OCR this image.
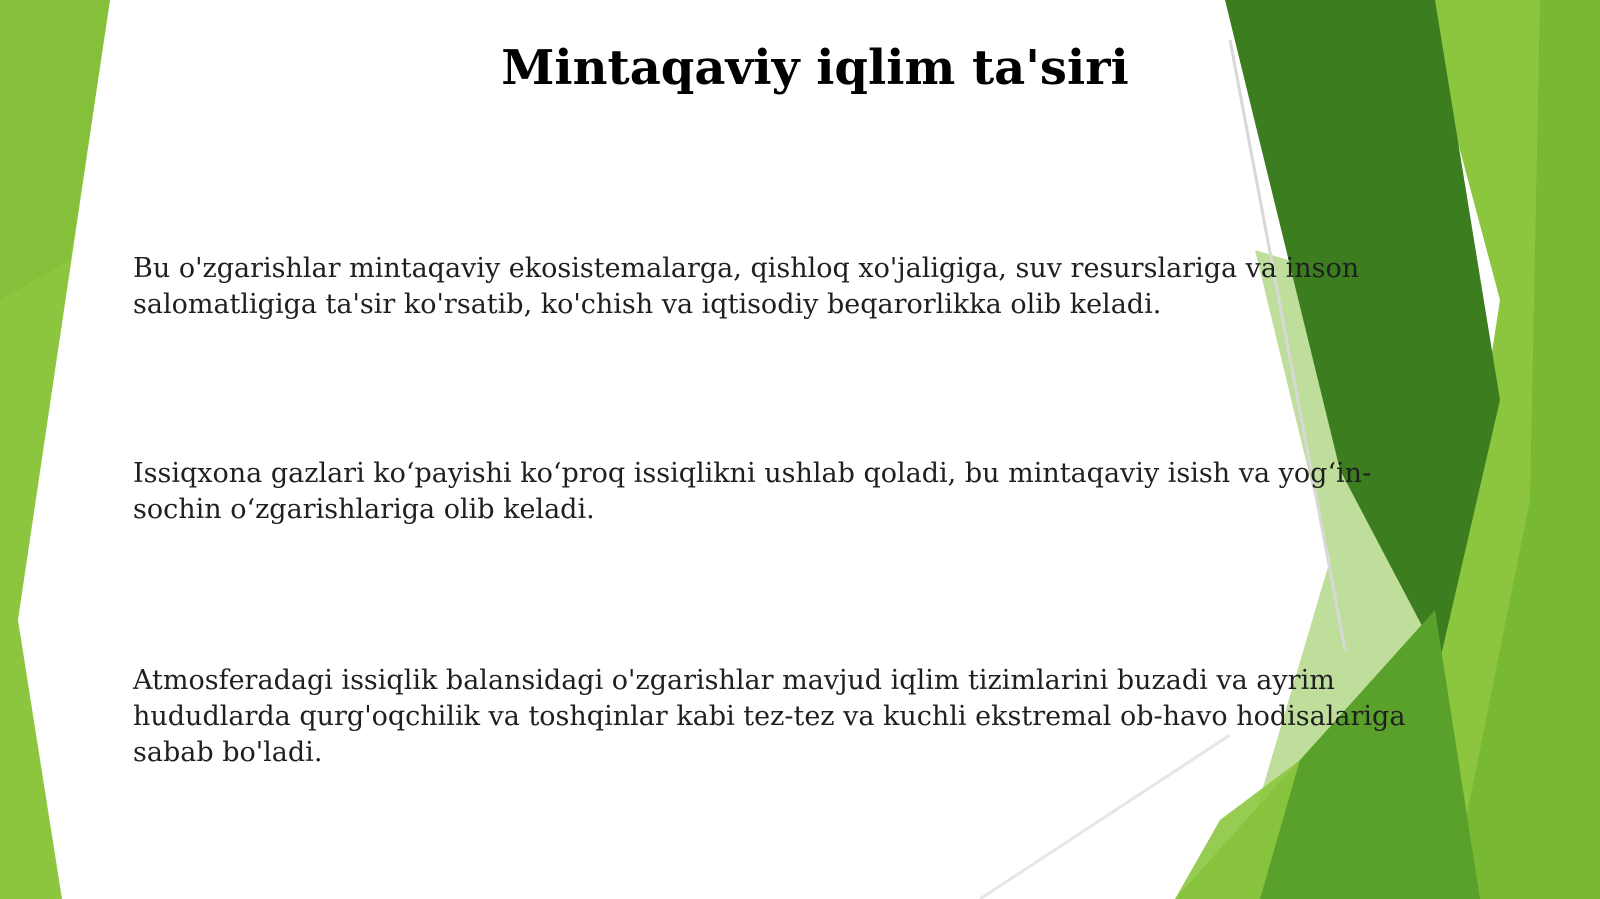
Mintaqaviy iqlim ta'siri

Bu o'zgarishlar mintaqaviy ekosistemalarga, qishloq xo'jaligiga, suv resurslariga va inson salomatligiga ta'sir ko'rsatib, ko'chish va iqtisodiy beqarorlikka olib keladi.

Issiqxona gazlari ko‘payishi ko‘proq issiqlikni ushlab qoladi, bu mintaqaviy isish va yog‘in-sochin o‘zgarishlariga olib keladi.

Atmosferadagi issiqlik balansidagi o'zgarishlar mavjud iqlim tizimlarini buzadi va ayrim hududlarda qurg'oqchilik va toshqinlar kabi tez-tez va kuchli ekstremal ob-havo hodisalariga sabab bo'ladi.
